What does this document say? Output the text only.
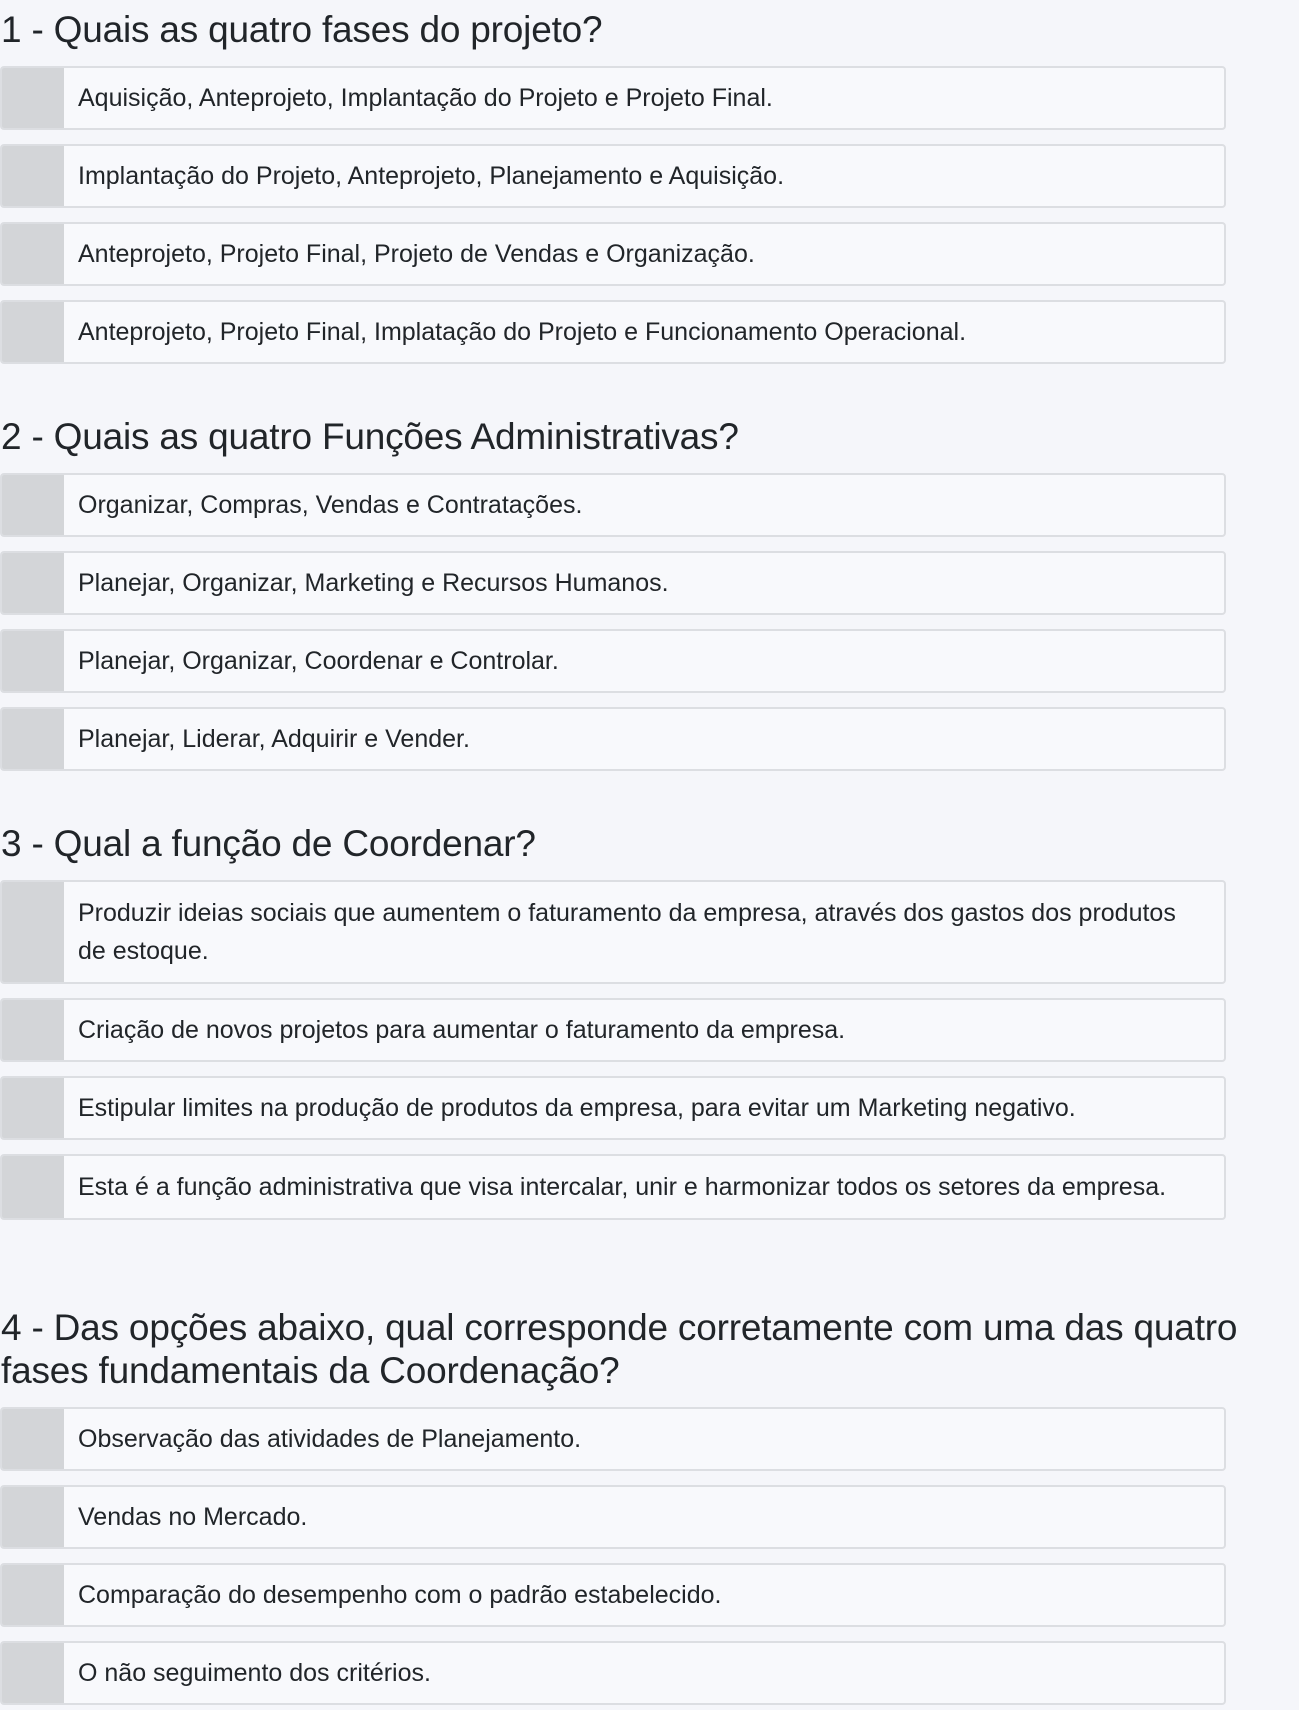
1 - Quais as quatro fases do projeto?
Aquisição, Anteprojeto, Implantação do Projeto e Projeto Final.
Implantação do Projeto, Anteprojeto, Planejamento e Aquisição.
Anteprojeto, Projeto Final, Projeto de Vendas e Organização.
Anteprojeto, Projeto Final, Implatação do Projeto e Funcionamento Operacional.
2 - Quais as quatro Funções Administrativas?
Organizar, Compras, Vendas e Contratações.
Planejar, Organizar, Marketing e Recursos Humanos.
Planejar, Organizar, Coordenar e Controlar.
Planejar, Liderar, Adquirir e Vender.
3 - Qual a função de Coordenar?
Produzir ideias sociais que aumentem o faturamento da empresa, através dos gastos dos produtos de estoque.
Criação de novos projetos para aumentar o faturamento da empresa.
Estipular limites na produção de produtos da empresa, para evitar um Marketing negativo.
Esta é a função administrativa que visa intercalar, unir e harmonizar todos os setores da empresa.
4 - Das opções abaixo, qual corresponde corretamente com uma das quatro fases fundamentais da Coordenação?
Observação das atividades de Planejamento.
Vendas no Mercado.
Comparação do desempenho com o padrão estabelecido.
O não seguimento dos critérios.
